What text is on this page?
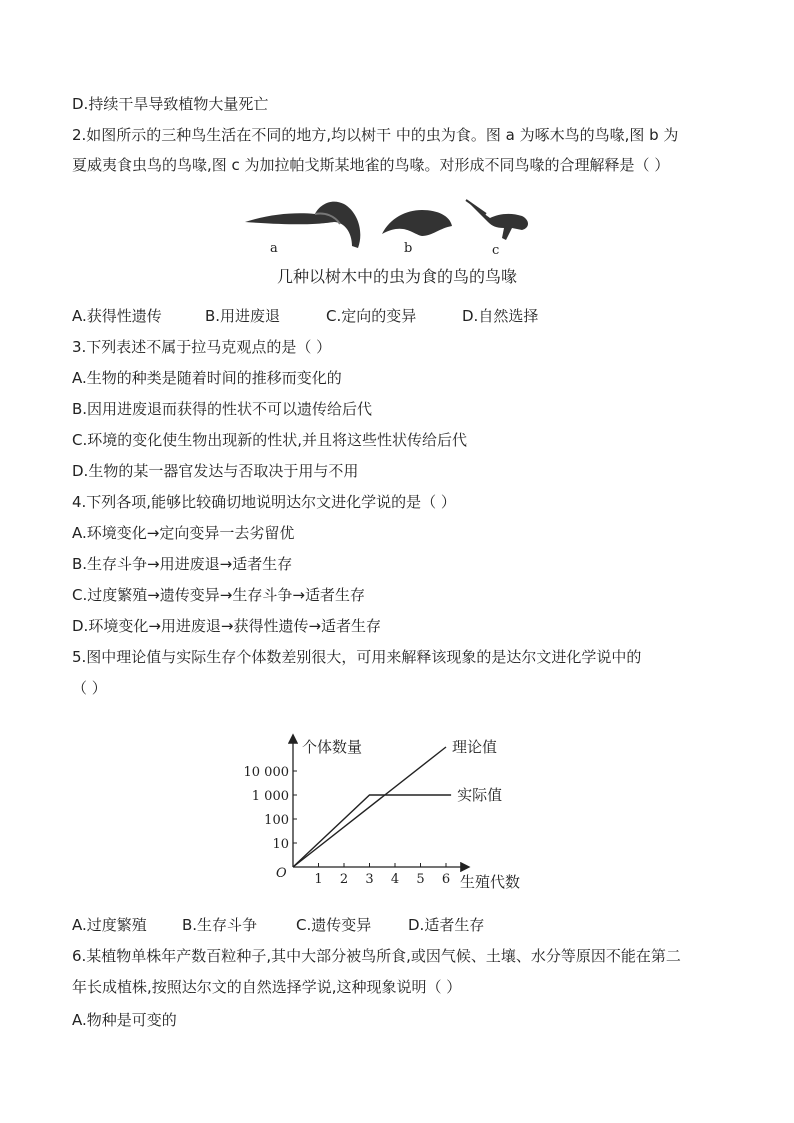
D.持续干旱导致植物大量死亡
2.如图所示的三种鸟生活在不同的地方,均以树干 中的虫为食。图 a 为啄木鸟的鸟喙,图 b 为
夏威夷食虫鸟的鸟喙,图 c 为加拉帕戈斯某地雀的鸟喙。对形成不同鸟喙的合理解释是（ ）
a	b	c
几种以树木中的虫为食的鸟的鸟喙
A.获得性遗传	B.用进废退	C.定向的变异	D.自然选择
3.下列表述不属于拉马克观点的是（ ）
A.生物的种类是随着时间的推移而变化的
B.因用进废退而获得的性状不可以遗传给后代
C.环境的变化使生物出现新的性状,并且将这些性状传给后代
D.生物的某一器官发达与否取决于用与不用
4.下列各项,能够比较确切地说明达尔文进化学说的是（ ）
A.环境变化→定向变异一去劣留优
B.生存斗争→用进废退→适者生存
C.过度繁殖→遗传变异→生存斗争→适者生存
D.环境变化→用进废退→获得性遗传→适者生存
5.图中理论值与实际生存个体数差别很大，可用来解释该现象的是达尔文进化学说中的
（ ）
个体数量
生殖代数
O 1 2 3 4 5 6
10
100
1 000
10 000
理论值
实际值
A.过度繁殖 B.生存斗争	C.遗传变异 D.适者生存
6.某植物单株年产数百粒种子,其中大部分被鸟所食,或因气候、土壤、水分等原因不能在第二
年长成植株,按照达尔文的自然选择学说,这种现象说明（ ）
A.物种是可变的
